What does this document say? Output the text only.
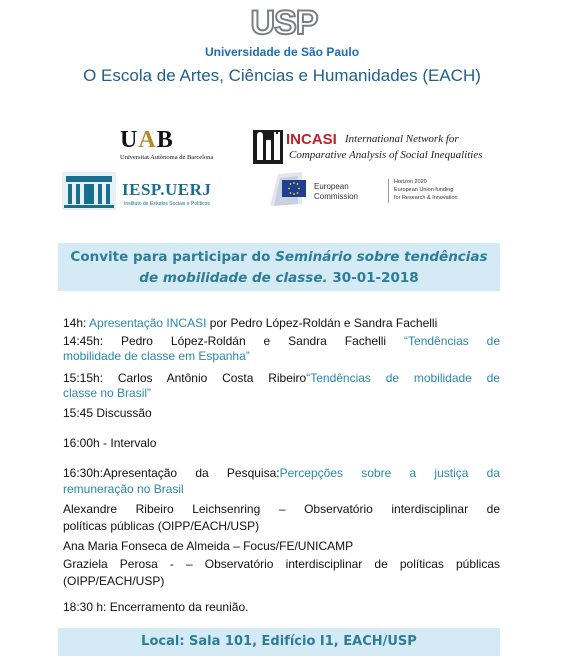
USP
Universidade de São Paulo
O Escola de Artes, Ciências e Humanidades (EACH)
UAB
Universitat Autònoma de Barcelona
INCASI International Network for
Comparative Analysis of Social Inequalities
IESP.UERJ
Instituto de Estudos Sociais e Políticos
European
Commission
Horizon 2020
European Union funding
for Research & Innovation
Convite para participar do Seminário sobre tendências
de mobilidade de classe. 30-01-2018
14h: Apresentação INCASI por Pedro López-Roldán e Sandra Fachelli
14:45h: Pedro López-Roldán e Sandra Fachelli “Tendências de
mobilidade de classe em Espanha”
15:15h: Carlos Antônio Costa Ribeiro“Tendências de mobilidade de
classe no Brasil”
15:45 Discussão
16:00h - Intervalo
16:30h:Apresentação da Pesquisa:Percepções sobre a justiça da
remuneração no Brasil
Alexandre Ribeiro Leichsenring – Observatório interdisciplinar de
políticas públicas (OIPP/EACH/USP)
Ana Maria Fonseca de Almeida – Focus/FE/UNICAMP
Graziela Perosa - – Observatório interdisciplinar de políticas públicas
(OIPP/EACH/USP)
18:30 h: Encerramento da reunião.
Local: Sala 101, Edifício I1, EACH/USP
